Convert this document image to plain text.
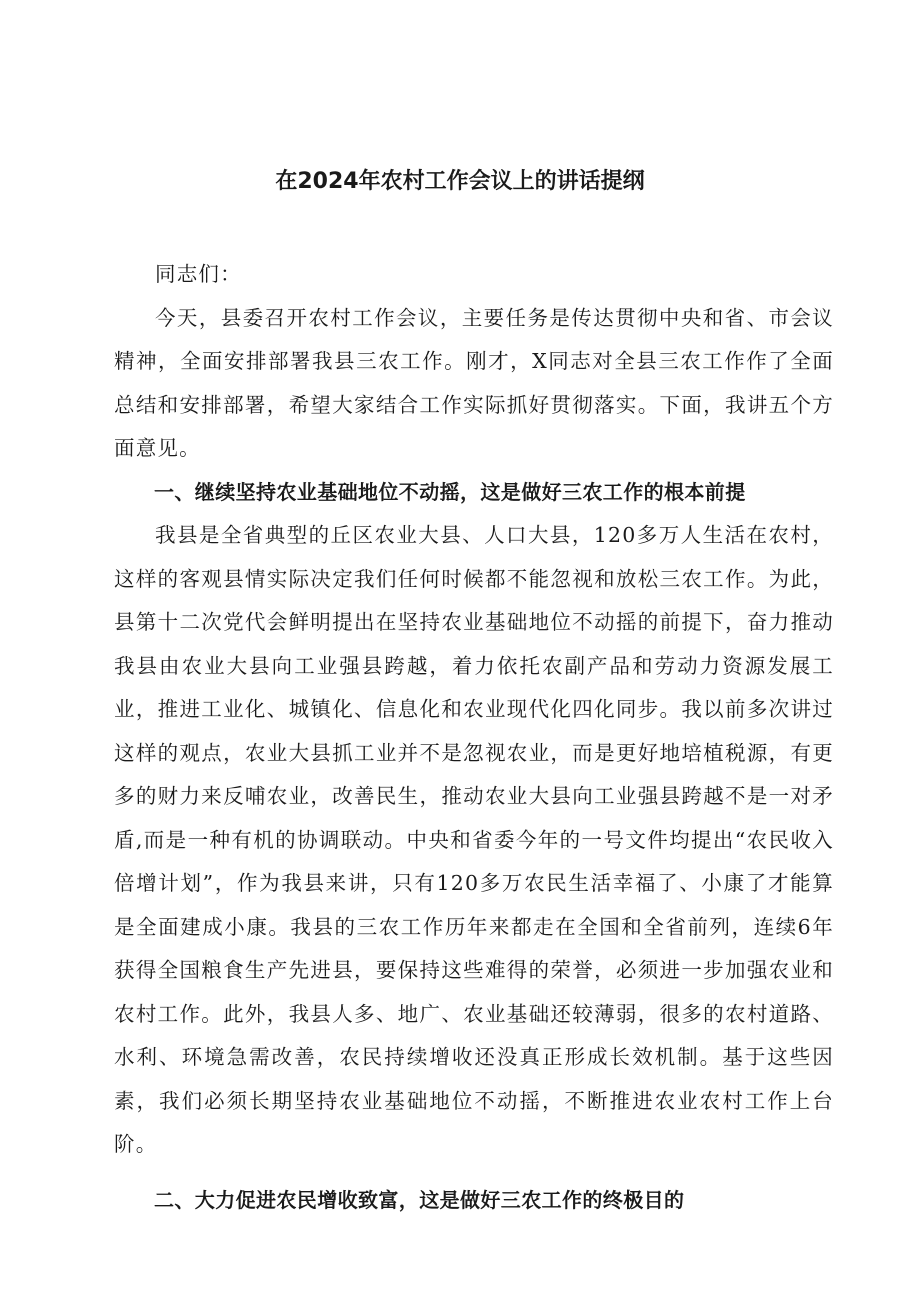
在2024年农村工作会议上的讲话提纲

同志们：

今天，县委召开农村工作会议，主要任务是传达贯彻中央和省、市会议精神，全面安排部署我县三农工作。刚才，X同志对全县三农工作作了全面总结和安排部署，希望大家结合工作实际抓好贯彻落实。下面，我讲五个方面意见。

一、继续坚持农业基础地位不动摇，这是做好三农工作的根本前提

我县是全省典型的丘区农业大县、人口大县，120多万人生活在农村，这样的客观县情实际决定我们任何时候都不能忽视和放松三农工作。为此，县第十二次党代会鲜明提出在坚持农业基础地位不动摇的前提下，奋力推动我县由农业大县向工业强县跨越，着力依托农副产品和劳动力资源发展工业，推进工业化、城镇化、信息化和农业现代化四化同步。我以前多次讲过这样的观点，农业大县抓工业并不是忽视农业，而是更好地培植税源，有更多的财力来反哺农业，改善民生，推动农业大县向工业强县跨越不是一对矛盾,而是一种有机的协调联动。中央和省委今年的一号文件均提出“农民收入倍增计划”，作为我县来讲，只有120多万农民生活幸福了、小康了才能算是全面建成小康。我县的三农工作历年来都走在全国和全省前列，连续6年获得全国粮食生产先进县，要保持这些难得的荣誉，必须进一步加强农业和农村工作。此外，我县人多、地广、农业基础还较薄弱，很多的农村道路、水利、环境急需改善，农民持续增收还没真正形成长效机制。基于这些因素，我们必须长期坚持农业基础地位不动摇，不断推进农业农村工作上台阶。

二、大力促进农民增收致富，这是做好三农工作的终极目的
